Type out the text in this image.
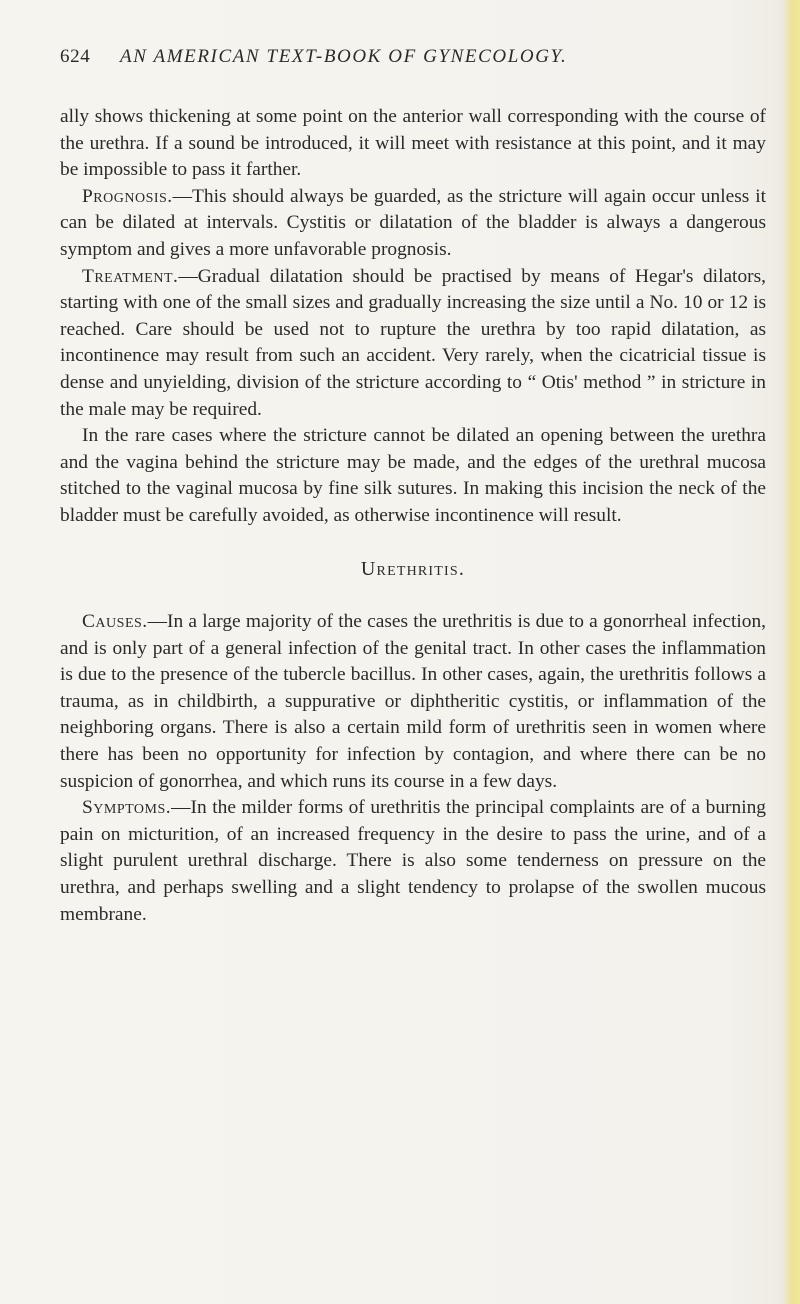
624 AN AMERICAN TEXT-BOOK OF GYNECOLOGY.

ally shows thickening at some point on the anterior wall corresponding with the course of the urethra. If a sound be introduced, it will meet with resistance at this point, and it may be impossible to pass it farther.

Prognosis.—This should always be guarded, as the stricture will again occur unless it can be dilated at intervals. Cystitis or dilatation of the bladder is always a dangerous symptom and gives a more unfavorable prognosis.

Treatment.—Gradual dilatation should be practised by means of Hegar's dilators, starting with one of the small sizes and gradually increasing the size until a No. 10 or 12 is reached. Care should be used not to rupture the urethra by too rapid dilatation, as incontinence may result from such an accident. Very rarely, when the cicatricial tissue is dense and unyielding, division of the stricture according to “ Otis' method ” in stricture in the male may be required.

In the rare cases where the stricture cannot be dilated an opening between the urethra and the vagina behind the stricture may be made, and the edges of the urethral mucosa stitched to the vaginal mucosa by fine silk sutures. In making this incision the neck of the bladder must be carefully avoided, as otherwise incontinence will result.

Urethritis.

Causes.—In a large majority of the cases the urethritis is due to a gonorrheal infection, and is only part of a general infection of the genital tract. In other cases the inflammation is due to the presence of the tubercle bacillus. In other cases, again, the urethritis follows a trauma, as in childbirth, a suppurative or diphtheritic cystitis, or inflammation of the neighboring organs. There is also a certain mild form of urethritis seen in women where there has been no opportunity for infection by contagion, and where there can be no suspicion of gonorrhea, and which runs its course in a few days.

Symptoms.—In the milder forms of urethritis the principal complaints are of a burning pain on micturition, of an increased frequency in the desire to pass the urine, and of a slight purulent urethral discharge. There is also some tenderness on pressure on the urethra, and perhaps swelling and a slight tendency to prolapse of the swollen mucous membrane.
